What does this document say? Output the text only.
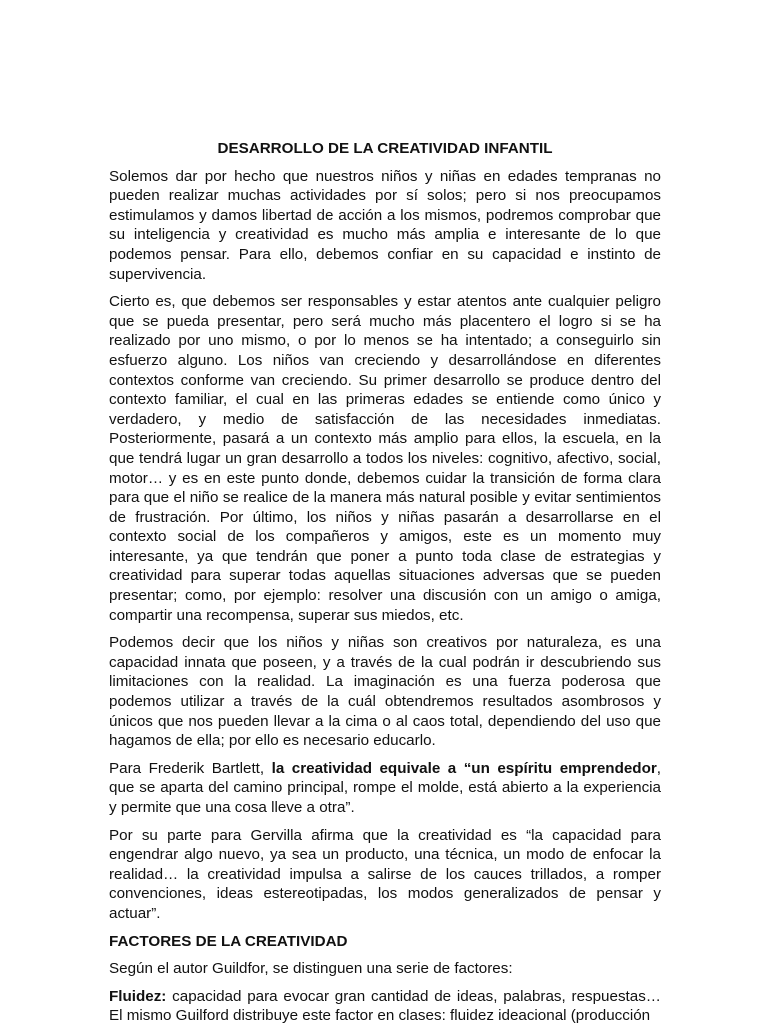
DESARROLLO DE LA CREATIVIDAD INFANTIL

Solemos dar por hecho que nuestros niños y niñas en edades tempranas no pueden realizar muchas actividades por sí solos; pero si nos preocupamos estimulamos y damos libertad de acción a los mismos, podremos comprobar que su inteligencia y creatividad es mucho más amplia e interesante de lo que podemos pensar. Para ello, debemos confiar en su capacidad e instinto de supervivencia.

Cierto es, que debemos ser responsables y estar atentos ante cualquier peligro que se pueda presentar, pero será mucho más placentero el logro si se ha realizado por uno mismo, o por lo menos se ha intentado; a conseguirlo sin esfuerzo alguno. Los niños van creciendo y desarrollándose en diferentes contextos conforme van creciendo. Su primer desarrollo se produce dentro del contexto familiar, el cual en las primeras edades se entiende como único y verdadero, y medio de satisfacción de las necesidades inmediatas. Posteriormente, pasará a un contexto más amplio para ellos, la escuela, en la que tendrá lugar un gran desarrollo a todos los niveles: cognitivo, afectivo, social, motor… y es en este punto donde, debemos cuidar la transición de forma clara para que el niño se realice de la manera más natural posible y evitar sentimientos de frustración. Por último, los niños y niñas pasarán a desarrollarse en el contexto social de los compañeros y amigos, este es un momento muy interesante, ya que tendrán que poner a punto toda clase de estrategias y creatividad para superar todas aquellas situaciones adversas que se pueden presentar; como, por ejemplo: resolver una discusión con un amigo o amiga, compartir una recompensa, superar sus miedos, etc.

Podemos decir que los niños y niñas son creativos por naturaleza, es una capacidad innata que poseen, y a través de la cual podrán ir descubriendo sus limitaciones con la realidad. La imaginación es una fuerza poderosa que podemos utilizar a través de la cuál obtendremos resultados asombrosos y únicos que nos pueden llevar a la cima o al caos total, dependiendo del uso que hagamos de ella; por ello es necesario educarlo.

Para Frederik Bartlett, la creatividad equivale a “un espíritu emprendedor, que se aparta del camino principal, rompe el molde, está abierto a la experiencia y permite que una cosa lleve a otra”.

Por su parte para Gervilla afirma que la creatividad es “la capacidad para engendrar algo nuevo, ya sea un producto, una técnica, un modo de enfocar la realidad… la creatividad impulsa a salirse de los cauces trillados, a romper convenciones, ideas estereotipadas, los modos generalizados de pensar y actuar”.

FACTORES DE LA CREATIVIDAD

Según el autor Guildfor, se distinguen una serie de factores:

Fluidez: capacidad para evocar gran cantidad de ideas, palabras, respuestas… El mismo Guilford distribuye este factor en clases: fluidez ideacional (producción
